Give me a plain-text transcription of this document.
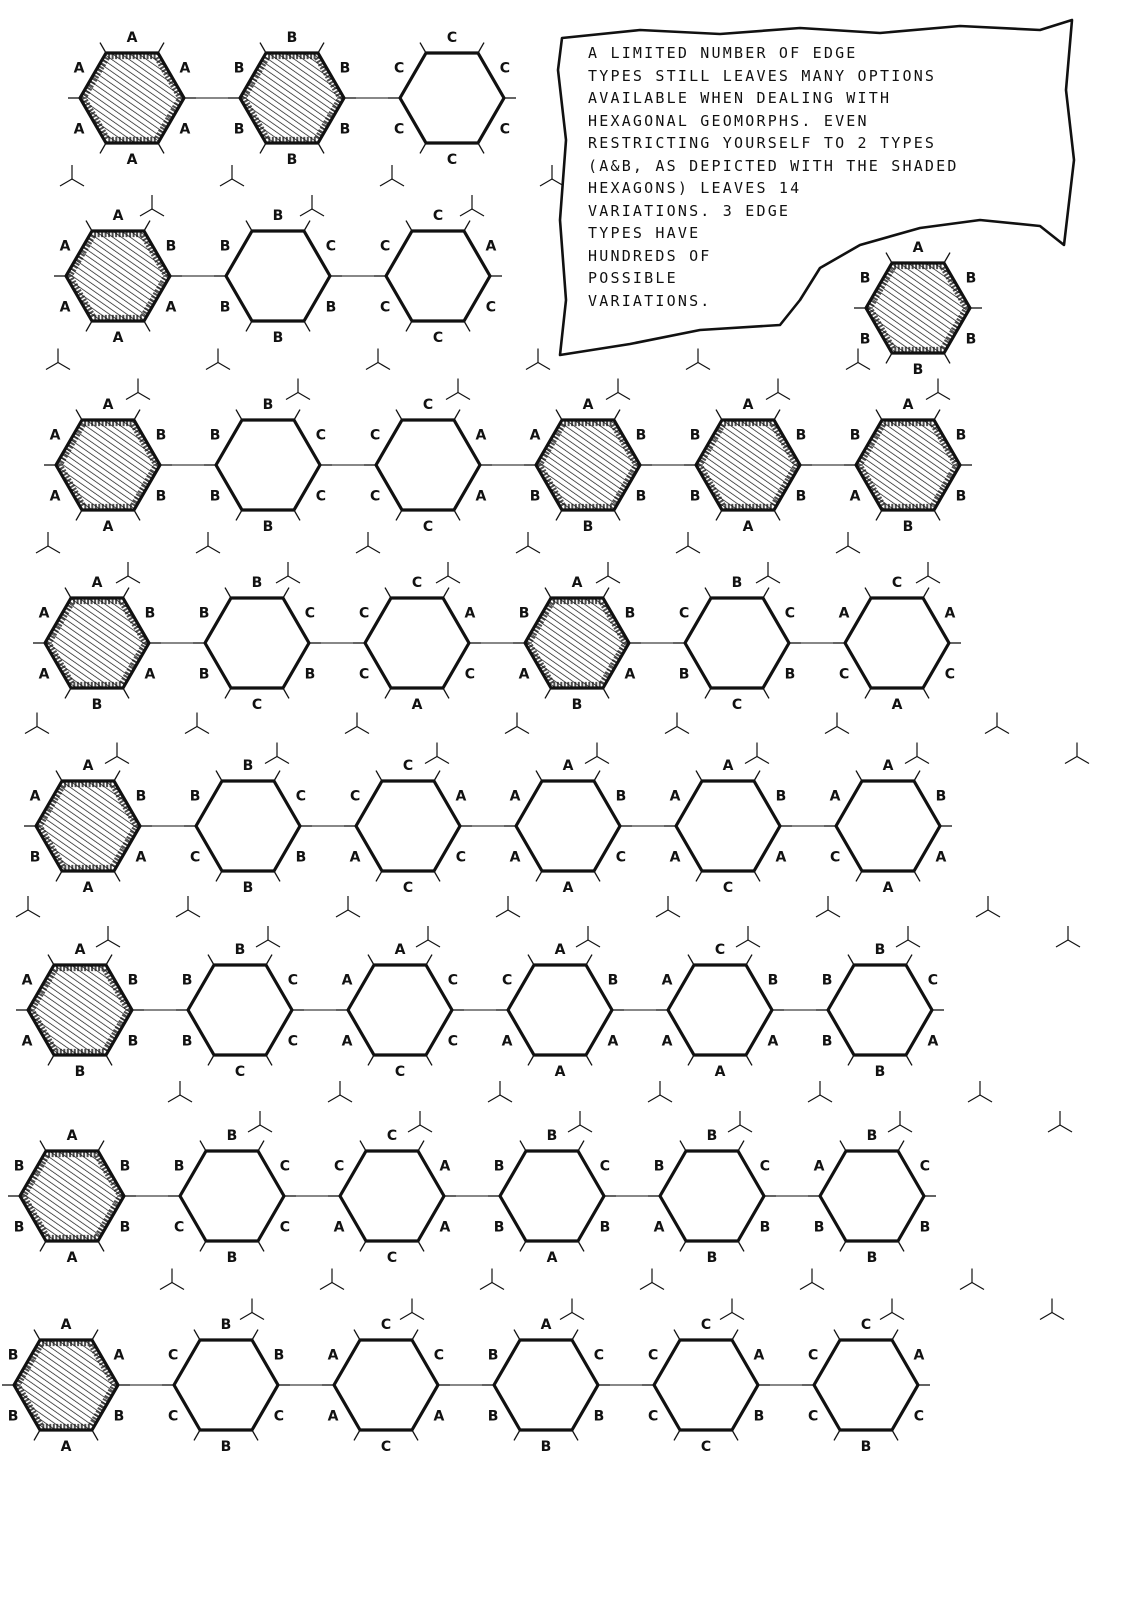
A
A
A
A
A
A
B
B
B
B
B
B
C
C
C
C
C
C
A
B
A
A
A
A
B
C
B
B
B
B
C
A
C
C
C
C
A
B
B
A
A
A
B
C
C
B
B
B
C
A
A
C
C
C
A
B
B
B
B
A
A
B
B
A
B
B
A
B
B
B
A
B
A
B
A
B
A
A
B
C
B
C
B
B
C
A
C
A
C
C
A
B
A
B
A
B
B
C
B
C
B
C
C
A
C
A
C
A
A
B
A
A
B
A
B
C
B
B
C
B
C
A
C
C
A
C
A
B
C
A
A
A
A
B
A
C
A
A
A
B
A
A
C
A
A
B
B
B
A
A
B
C
C
C
B
B
A
C
C
C
A
A
A
B
A
A
A
C
C
B
A
A
A
A
B
C
A
B
B
B
A
B
B
A
B
B
B
C
C
B
C
B
C
A
A
C
A
C
B
C
B
A
B
B
B
C
B
B
A
B
B
C
B
B
B
A
A
A
B
A
B
B
B
B
C
B
C
C
C
C
A
C
A
A
A
C
B
B
B
B
C
A
B
C
C
C
C
A
C
B
C
C
A
B
B
B
B
B

A LIMITED NUMBER OF EDGE
TYPES STILL LEAVES MANY OPTIONS
AVAILABLE WHEN DEALING WITH
HEXAGONAL GEOMORPHS. EVEN
RESTRICTING YOURSELF TO 2 TYPES
(A&B, AS DEPICTED WITH THE SHADED
HEXAGONS) LEAVES 14
VARIATIONS. 3 EDGE
TYPES HAVE
HUNDREDS OF
POSSIBLE
VARIATIONS.
